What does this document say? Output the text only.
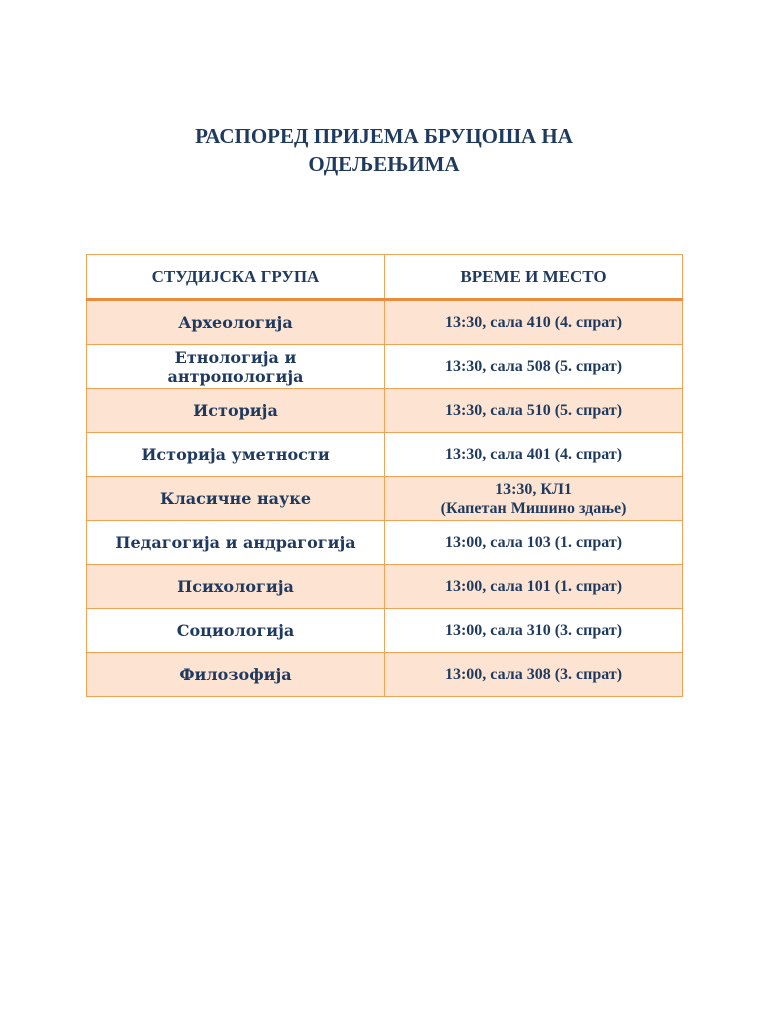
РАСПОРЕД ПРИЈЕМА БРУЦОША НА
ОДЕЉЕЊИМА
СТУДИЈСКА ГРУПА	ВРЕМЕ И МЕСТО

Археологија	13:30, сала 410 (4. спрат)

Етнологија и
антропологија	13:30, сала 508 (5. спрат)

Историја	13:30, сала 510 (5. спрат)

Историја уметности	13:30, сала 401 (4. спрат)

Класичне науке	13:30, КЛ1
(Капетан Мишино здање)

Педагогија и андрагогија	13:00, сала 103 (1. спрат)

Психологија	13:00, сала 101 (1. спрат)

Социологија	13:00, сала 310 (3. спрат)

Филозофија	13:00, сала 308 (3. спрат)
